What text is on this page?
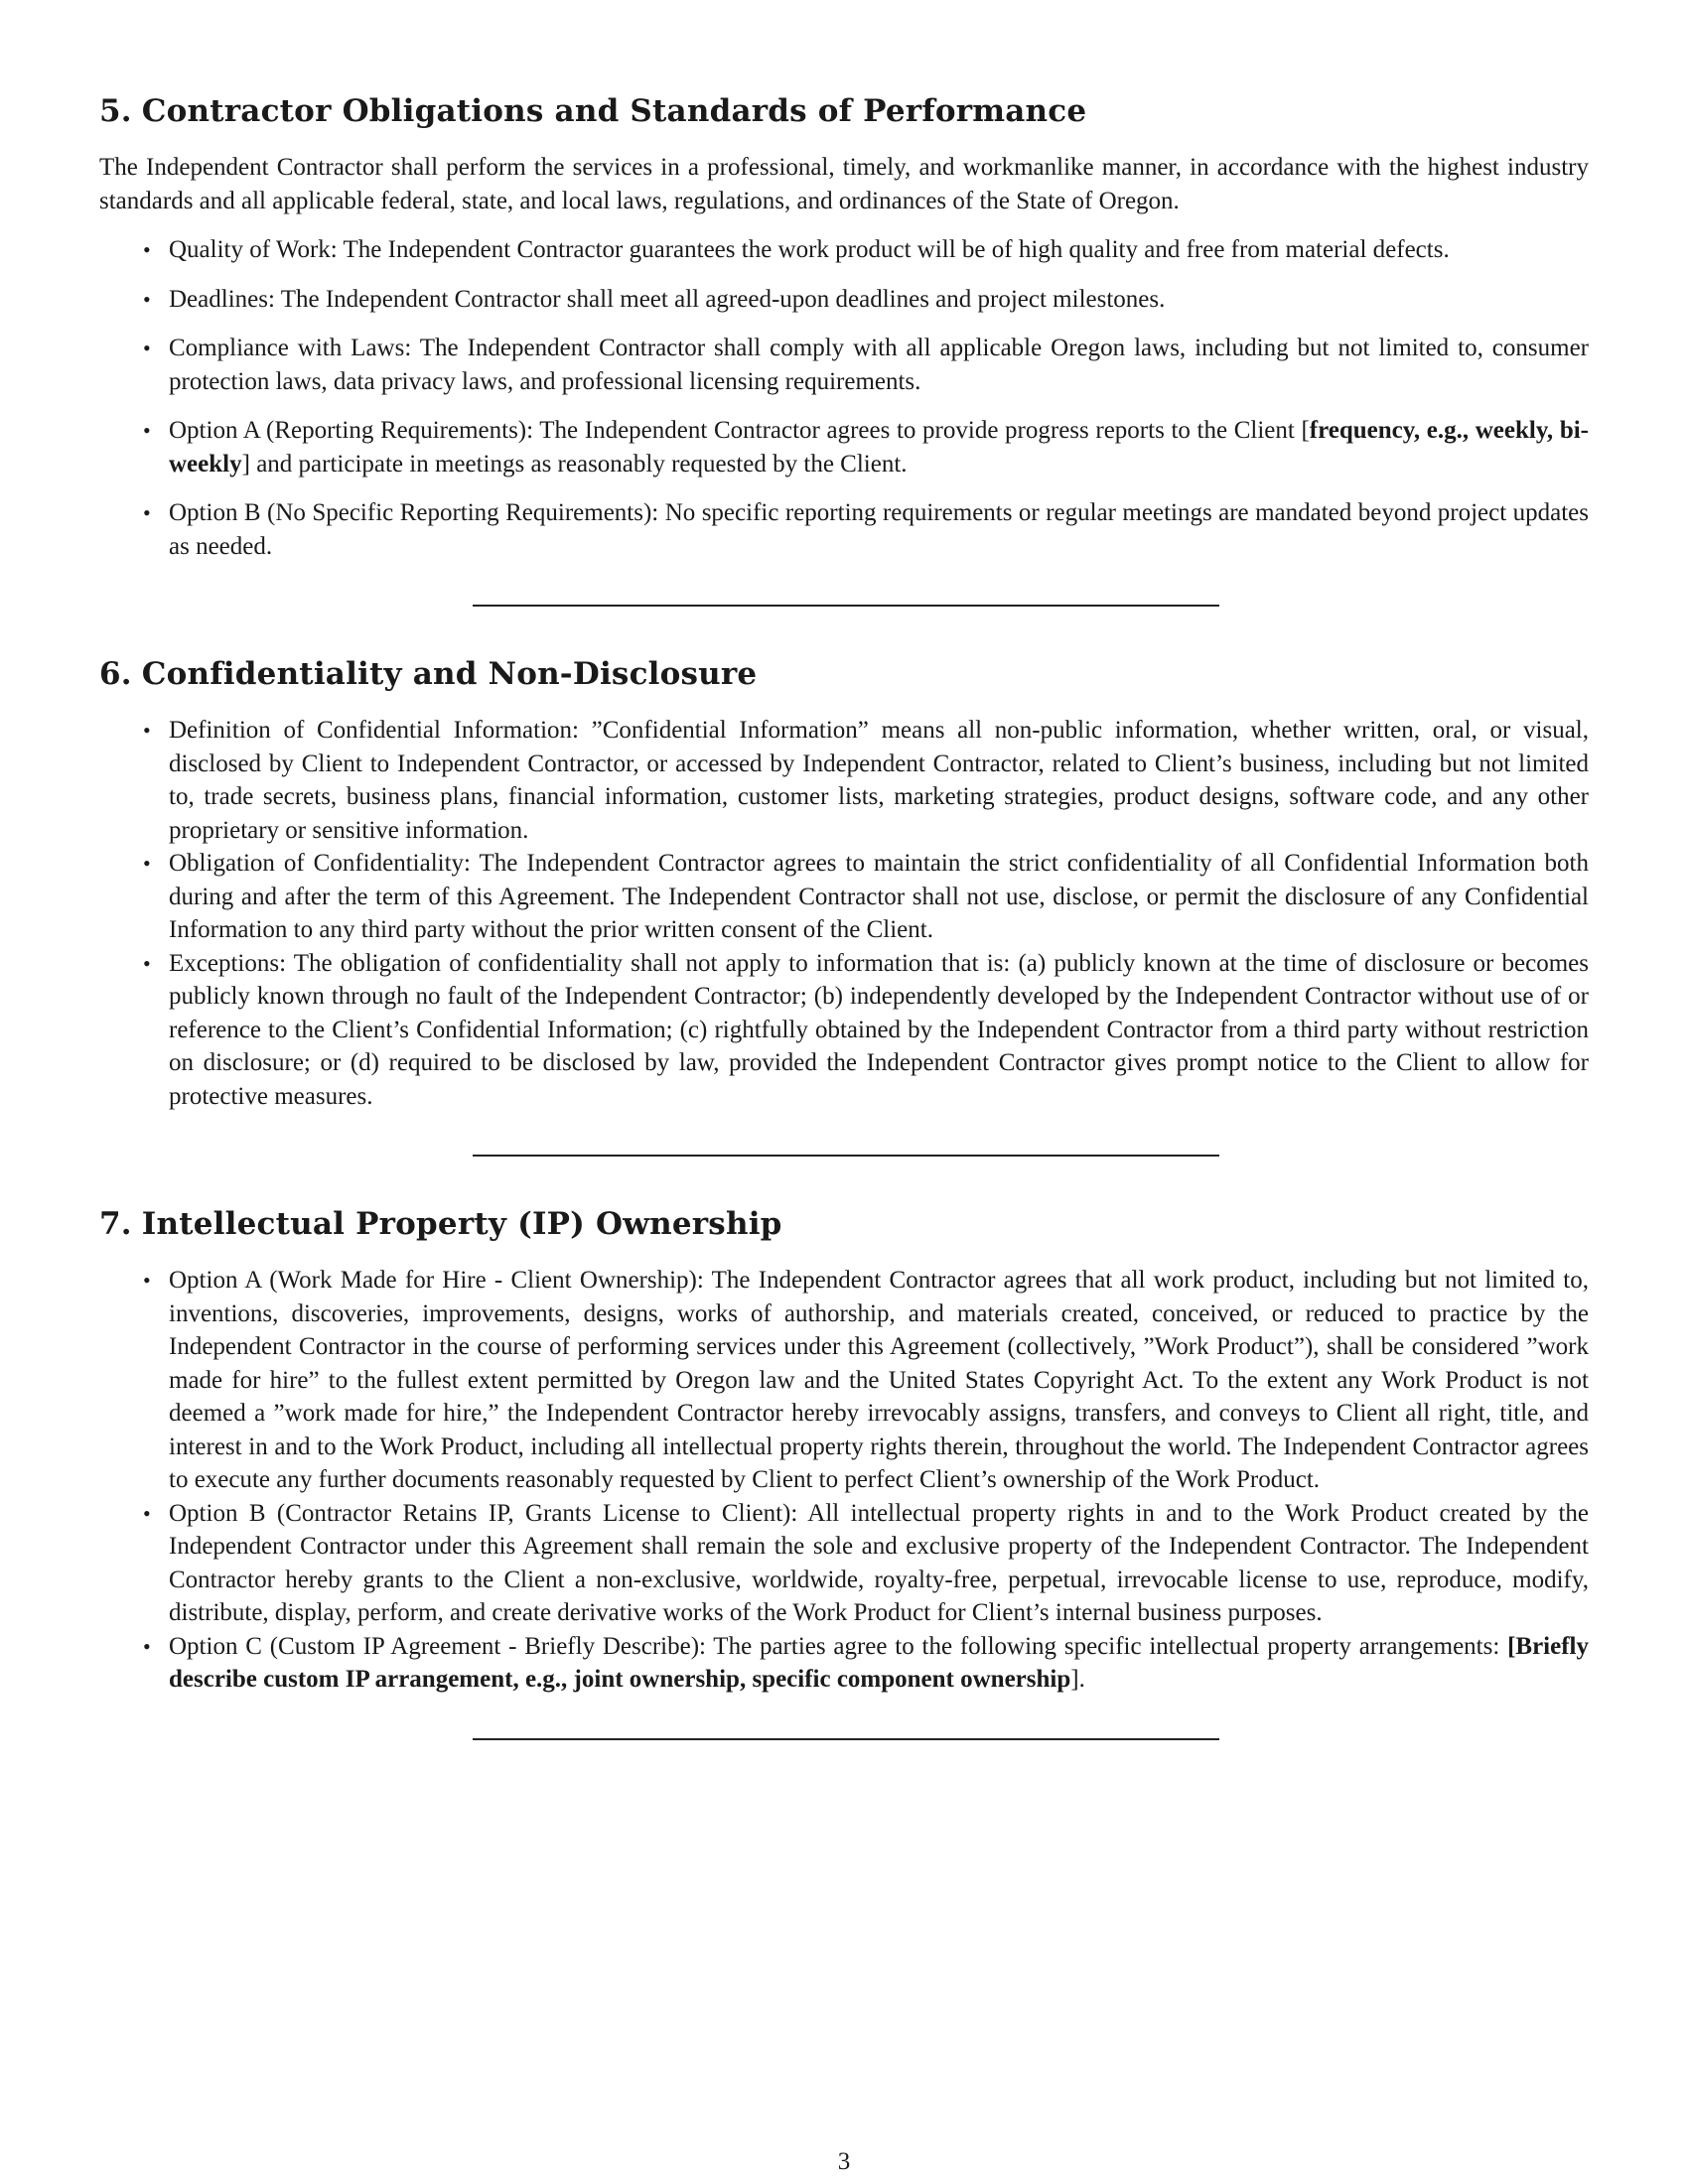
5. Contractor Obligations and Standards of Performance

The Independent Contractor shall perform the services in a professional, timely, and workmanlike manner, in accordance with the highest industry standards and all applicable federal, state, and local laws, regulations, and ordinances of the State of Oregon.

• Quality of Work: The Independent Contractor guarantees the work product will be of high quality and free from material defects.
• Deadlines: The Independent Contractor shall meet all agreed-upon deadlines and project milestones.
• Compliance with Laws: The Independent Contractor shall comply with all applicable Oregon laws, including but not limited to, consumer protection laws, data privacy laws, and professional licensing requirements.
• Option A (Reporting Requirements): The Independent Contractor agrees to provide progress reports to the Client [frequency, e.g., weekly, bi-weekly] and participate in meetings as reasonably requested by the Client.
• Option B (No Specific Reporting Requirements): No specific reporting requirements or regular meetings are mandated beyond project updates as needed.
6. Confidentiality and Non-Disclosure
• Definition of Confidential Information: ”Confidential Information” means all non-public information, whether written, oral, or visual, disclosed by Client to Independent Contractor, or accessed by Independent Contractor, related to Client’s business, including but not limited to, trade secrets, business plans, financial information, customer lists, marketing strategies, product designs, software code, and any other proprietary or sensitive information.
• Obligation of Confidentiality: The Independent Contractor agrees to maintain the strict confidentiality of all Confidential Information both during and after the term of this Agreement. The Independent Contractor shall not use, disclose, or permit the disclosure of any Confidential Information to any third party without the prior written consent of the Client.
• Exceptions: The obligation of confidentiality shall not apply to information that is: (a) publicly known at the time of disclosure or becomes publicly known through no fault of the Independent Contractor; (b) independently developed by the Independent Contractor without use of or reference to the Client’s Confidential Information; (c) rightfully obtained by the Independent Contractor from a third party without restriction on disclosure; or (d) required to be disclosed by law, provided the Independent Contractor gives prompt notice to the Client to allow for protective measures.
7. Intellectual Property (IP) Ownership
• Option A (Work Made for Hire - Client Ownership): The Independent Contractor agrees that all work product, including but not limited to, inventions, discoveries, improvements, designs, works of authorship, and materials created, conceived, or reduced to practice by the Independent Contractor in the course of performing services under this Agreement (collectively, ”Work Product”), shall be considered ”work made for hire” to the fullest extent permitted by Oregon law and the United States Copyright Act. To the extent any Work Product is not deemed a ”work made for hire,” the Independent Contractor hereby irrevocably assigns, transfers, and conveys to Client all right, title, and interest in and to the Work Product, including all intellectual property rights therein, throughout the world. The Independent Contractor agrees to execute any further documents reasonably requested by Client to perfect Client’s ownership of the Work Product.
• Option B (Contractor Retains IP, Grants License to Client): All intellectual property rights in and to the Work Product created by the Independent Contractor under this Agreement shall remain the sole and exclusive property of the Independent Contractor. The Independent Contractor hereby grants to the Client a non-exclusive, worldwide, royalty-free, perpetual, irrevocable license to use, reproduce, modify, distribute, display, perform, and create derivative works of the Work Product for Client’s internal business purposes.
• Option C (Custom IP Agreement - Briefly Describe): The parties agree to the following specific intellectual property arrangements: [Briefly describe custom IP arrangement, e.g., joint ownership, specific component ownership].
3
